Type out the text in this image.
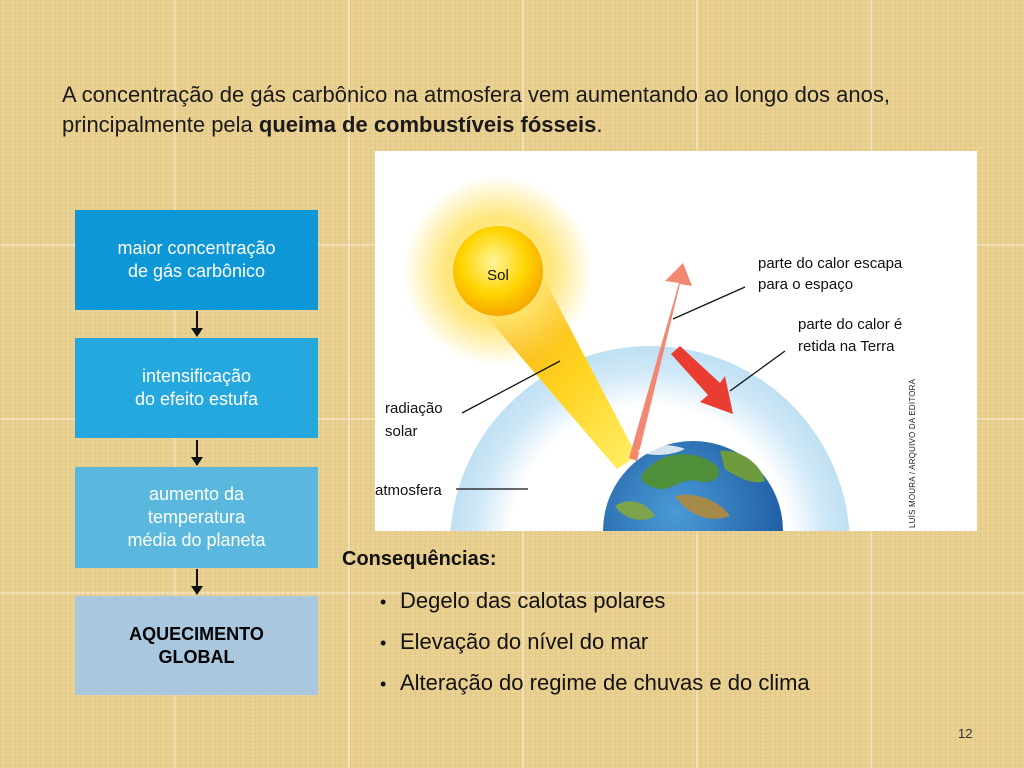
A concentração de gás carbônico na atmosfera vem aumentando ao longo dos anos, principalmente pela queima de combustíveis fósseis.
maior concentração
de gás carbônico
intensificação
do efeito estufa
aumento da
temperatura
média do planeta
AQUECIMENTO
GLOBAL
Sol
parte do calor escapa
para o espaço
parte do calor é
retida na Terra
radiação
solar
atmosfera	LUÍS MOURA / ARQUIVO DA EDITORA
Consequências:
• Degelo das calotas polares
• Elevação do nível do mar
• Alteração do regime de chuvas e do clima
12
